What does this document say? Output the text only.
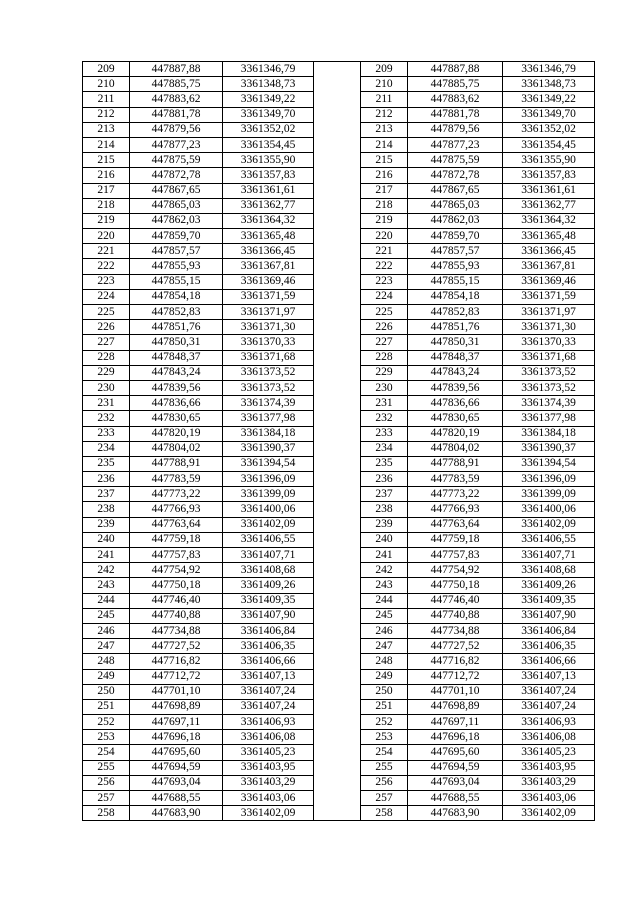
209	447887,88	3361346,79		209	447887,88	3361346,79
210	447885,75	3361348,73		210	447885,75	3361348,73
211	447883,62	3361349,22		211	447883,62	3361349,22
212	447881,78	3361349,70		212	447881,78	3361349,70
213	447879,56	3361352,02		213	447879,56	3361352,02
214	447877,23	3361354,45		214	447877,23	3361354,45
215	447875,59	3361355,90		215	447875,59	3361355,90
216	447872,78	3361357,83		216	447872,78	3361357,83
217	447867,65	3361361,61		217	447867,65	3361361,61
218	447865,03	3361362,77		218	447865,03	3361362,77
219	447862,03	3361364,32		219	447862,03	3361364,32
220	447859,70	3361365,48		220	447859,70	3361365,48
221	447857,57	3361366,45		221	447857,57	3361366,45
222	447855,93	3361367,81		222	447855,93	3361367,81
223	447855,15	3361369,46		223	447855,15	3361369,46
224	447854,18	3361371,59		224	447854,18	3361371,59
225	447852,83	3361371,97		225	447852,83	3361371,97
226	447851,76	3361371,30		226	447851,76	3361371,30
227	447850,31	3361370,33		227	447850,31	3361370,33
228	447848,37	3361371,68		228	447848,37	3361371,68
229	447843,24	3361373,52		229	447843,24	3361373,52
230	447839,56	3361373,52		230	447839,56	3361373,52
231	447836,66	3361374,39		231	447836,66	3361374,39
232	447830,65	3361377,98		232	447830,65	3361377,98
233	447820,19	3361384,18		233	447820,19	3361384,18
234	447804,02	3361390,37		234	447804,02	3361390,37
235	447788,91	3361394,54		235	447788,91	3361394,54
236	447783,59	3361396,09		236	447783,59	3361396,09
237	447773,22	3361399,09		237	447773,22	3361399,09
238	447766,93	3361400,06		238	447766,93	3361400,06
239	447763,64	3361402,09		239	447763,64	3361402,09
240	447759,18	3361406,55		240	447759,18	3361406,55
241	447757,83	3361407,71		241	447757,83	3361407,71
242	447754,92	3361408,68		242	447754,92	3361408,68
243	447750,18	3361409,26		243	447750,18	3361409,26
244	447746,40	3361409,35		244	447746,40	3361409,35
245	447740,88	3361407,90		245	447740,88	3361407,90
246	447734,88	3361406,84		246	447734,88	3361406,84
247	447727,52	3361406,35		247	447727,52	3361406,35
248	447716,82	3361406,66		248	447716,82	3361406,66
249	447712,72	3361407,13		249	447712,72	3361407,13
250	447701,10	3361407,24		250	447701,10	3361407,24
251	447698,89	3361407,24		251	447698,89	3361407,24
252	447697,11	3361406,93		252	447697,11	3361406,93
253	447696,18	3361406,08		253	447696,18	3361406,08
254	447695,60	3361405,23		254	447695,60	3361405,23
255	447694,59	3361403,95		255	447694,59	3361403,95
256	447693,04	3361403,29		256	447693,04	3361403,29
257	447688,55	3361403,06		257	447688,55	3361403,06
258	447683,90	3361402,09		258	447683,90	3361402,09
